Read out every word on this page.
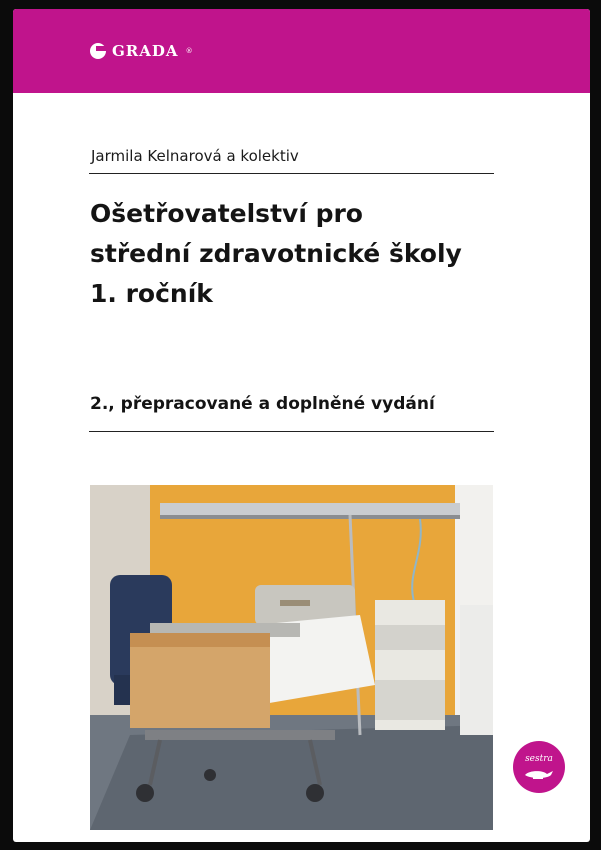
GRADA ®
Jarmila Kelnarová a kolektiv
Ošetřovatelství pro
střední zdravotnické školy
1. ročník
2., přepracované a doplněné vydání
sestra
